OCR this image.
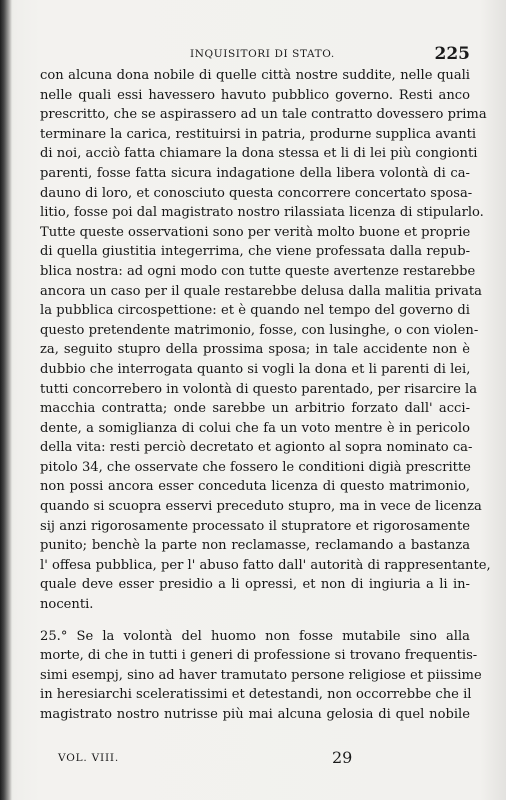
INQUISITORI DI STATO.	225
con alcuna dona nobile di quelle città nostre suddite, nelle quali
nelle quali essi havessero havuto pubblico governo. Resti anco
prescritto, che se aspirassero ad un tale contratto dovessero prima
terminare la carica, restituirsi in patria, produrne supplica avanti
di noi, acciò fatta chiamare la dona stessa et li di lei più congionti
parenti, fosse fatta sicura indagatione della libera volontà di ca-
dauno di loro, et conosciuto questa concorrere concertato sposa-
litio, fosse poi dal magistrato nostro rilassiata licenza di stipularlo.
Tutte queste osservationi sono per verità molto buone et proprie
di quella giustitia integerrima, che viene professata dalla repub-
blica nostra: ad ogni modo con tutte queste avertenze restarebbe
ancora un caso per il quale restarebbe delusa dalla malitia privata
la pubblica circospettione: et è quando nel tempo del governo di
questo pretendente matrimonio, fosse, con lusinghe, o con violen-
za, seguito stupro della prossima sposa; in tale accidente non è
dubbio che interrogata quanto si vogli la dona et li parenti di lei,
tutti concorrebero in volontà di questo parentado, per risarcire la
macchia contratta; onde sarebbe un arbitrio forzato dall' acci-
dente, a somiglianza di colui che fa un voto mentre è in pericolo
della vita: resti perciò decretato et agionto al sopra nominato ca-
pitolo 34, che osservate che fossero le conditioni digià prescritte
non possi ancora esser conceduta licenza di questo matrimonio,
quando si scuopra esservi preceduto stupro, ma in vece de licenza
sij anzi rigorosamente processato il stupratore et rigorosamente
punito; benchè la parte non reclamasse, reclamando a bastanza
l' offesa pubblica, per l' abuso fatto dall' autorità di rappresentante,
quale deve esser presidio a li opressi, et non di ingiuria a li in-
nocenti.
25.° Se la volontà del huomo non fosse mutabile sino alla
morte, di che in tutti i generi di professione si trovano frequentis-
simi esempj, sino ad haver tramutato persone religiose et piissime
in heresiarchi sceleratissimi et detestandi, non occorrebbe che il
magistrato nostro nutrisse più mai alcuna gelosia di quel nobile
VOL. VIII.	29
